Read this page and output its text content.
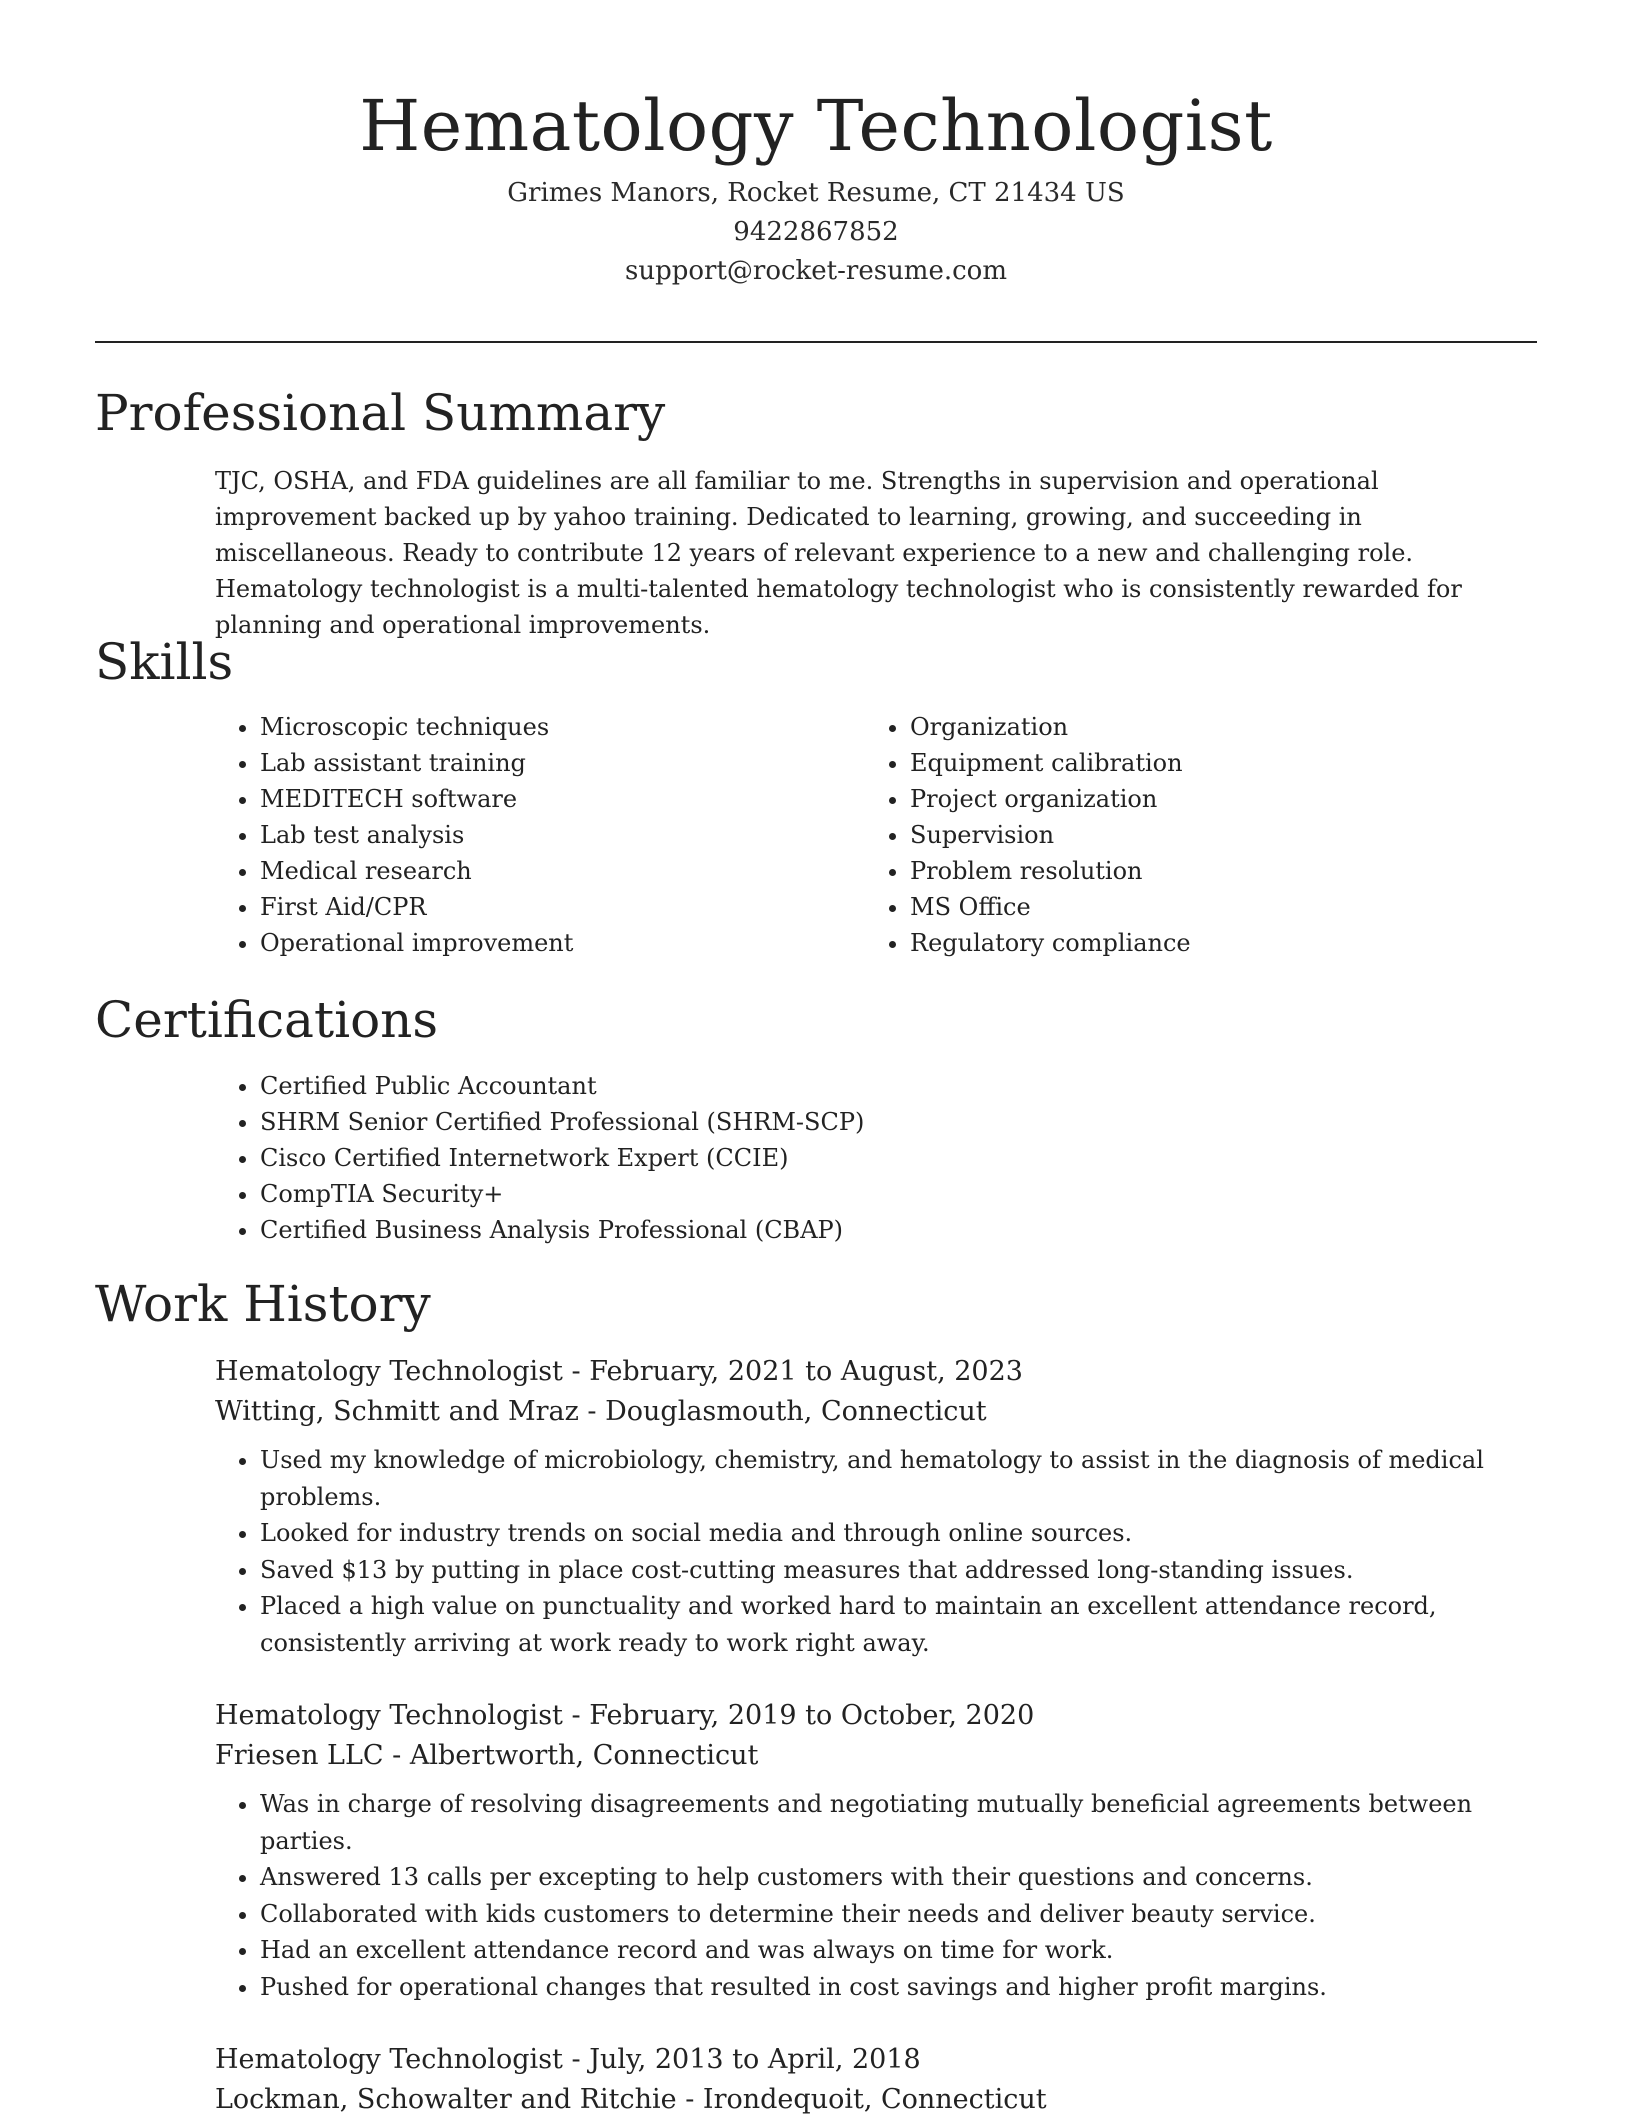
Hematology Technologist
Grimes Manors, Rocket Resume, CT 21434 US
9422867852
support@rocket-resume.com
Professional Summary

TJC, OSHA, and FDA guidelines are all familiar to me. Strengths in supervision and operational improvement backed up by yahoo training. Dedicated to learning, growing, and succeeding in miscellaneous. Ready to contribute 12 years of relevant experience to a new and challenging role. Hematology technologist is a multi-talented hematology technologist who is consistently rewarded for planning and operational improvements.

Skills
• Microscopic techniques
• Lab assistant training
• MEDITECH software
• Lab test analysis
• Medical research
• First Aid/CPR
• Operational improvement
• Organization
• Equipment calibration
• Project organization
• Supervision
• Problem resolution
• MS Office
• Regulatory compliance
Certifications
• Certified Public Accountant
• SHRM Senior Certified Professional (SHRM-SCP)
• Cisco Certified Internetwork Expert (CCIE)
• CompTIA Security+
• Certified Business Analysis Professional (CBAP)
Work History
Hematology Technologist - February, 2021 to August, 2023
Witting, Schmitt and Mraz - Douglasmouth, Connecticut
• Used my knowledge of microbiology, chemistry, and hematology to assist in the diagnosis of medical problems.
• Looked for industry trends on social media and through online sources.
• Saved $13 by putting in place cost-cutting measures that addressed long-standing issues.
• Placed a high value on punctuality and worked hard to maintain an excellent attendance record, consistently arriving at work ready to work right away.
Hematology Technologist - February, 2019 to October, 2020
Friesen LLC - Albertworth, Connecticut
• Was in charge of resolving disagreements and negotiating mutually beneficial agreements between parties.
• Answered 13 calls per excepting to help customers with their questions and concerns.
• Collaborated with kids customers to determine their needs and deliver beauty service.
• Had an excellent attendance record and was always on time for work.
• Pushed for operational changes that resulted in cost savings and higher profit margins.
Hematology Technologist - July, 2013 to April, 2018
Lockman, Schowalter and Ritchie - Irondequoit, Connecticut
